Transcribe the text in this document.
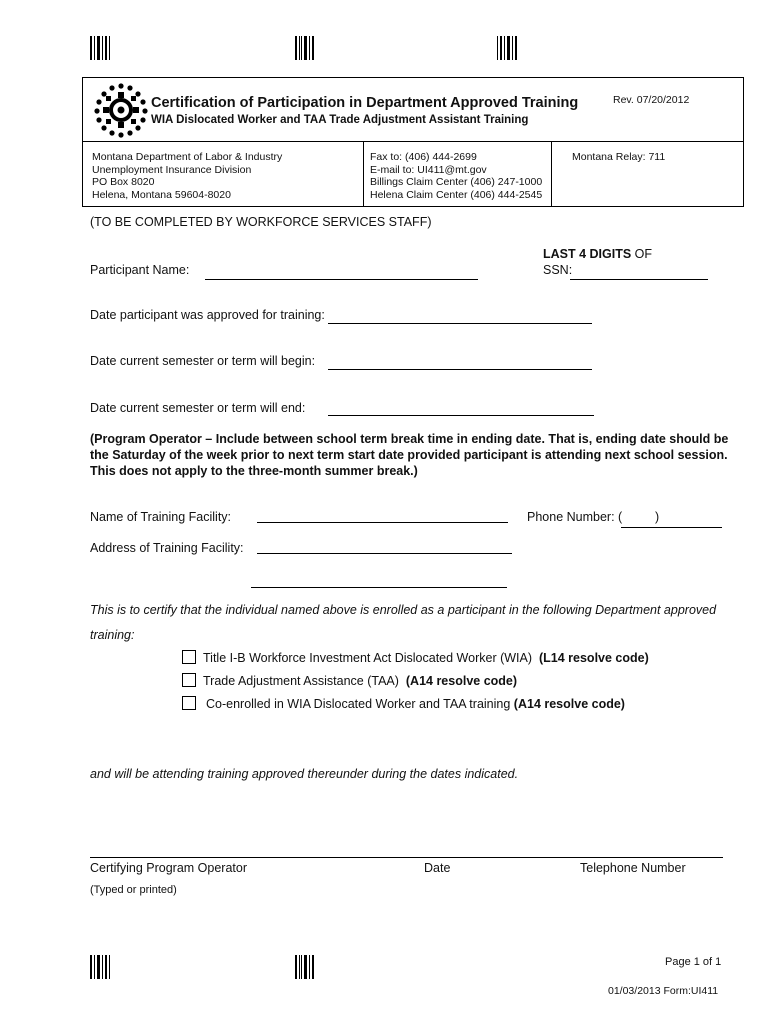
Certification of Participation in Department Approved Training
WIA Dislocated Worker and TAA Trade Adjustment Assistant Training
Rev. 07/20/2012
Montana Department of Labor & Industry
Unemployment Insurance Division
PO Box 8020
Helena, Montana 59604-8020
Fax to: (406) 444-2699
E-mail to: UI411@mt.gov
Billings Claim Center (406) 247-1000
Helena Claim Center (406) 444-2545
Montana Relay: 711
(TO BE COMPLETED BY WORKFORCE SERVICES STAFF)
Participant Name:
LAST 4 DIGITS OF
SSN:
Date participant was approved for training:
Date current semester or term will begin:
Date current semester or term will end:
(Program Operator – Include between school term break time in ending date. That is, ending date should be the Saturday of the week prior to next term start date provided participant is attending next school session. This does not apply to the three-month summer break.)
Name of Training Facility:	Phone Number: (	)
Address of Training Facility:
This is to certify that the individual named above is enrolled as a participant in the following Department approved
training:
Title I-B Workforce Investment Act Dislocated Worker (WIA) (L14 resolve code)
Trade Adjustment Assistance (TAA) (A14 resolve code)
Co-enrolled in WIA Dislocated Worker and TAA training (A14 resolve code)
and will be attending training approved thereunder during the dates indicated.
Certifying Program Operator	Date	Telephone Number
(Typed or printed)
Page 1 of 1
01/03/2013 Form:UI411
